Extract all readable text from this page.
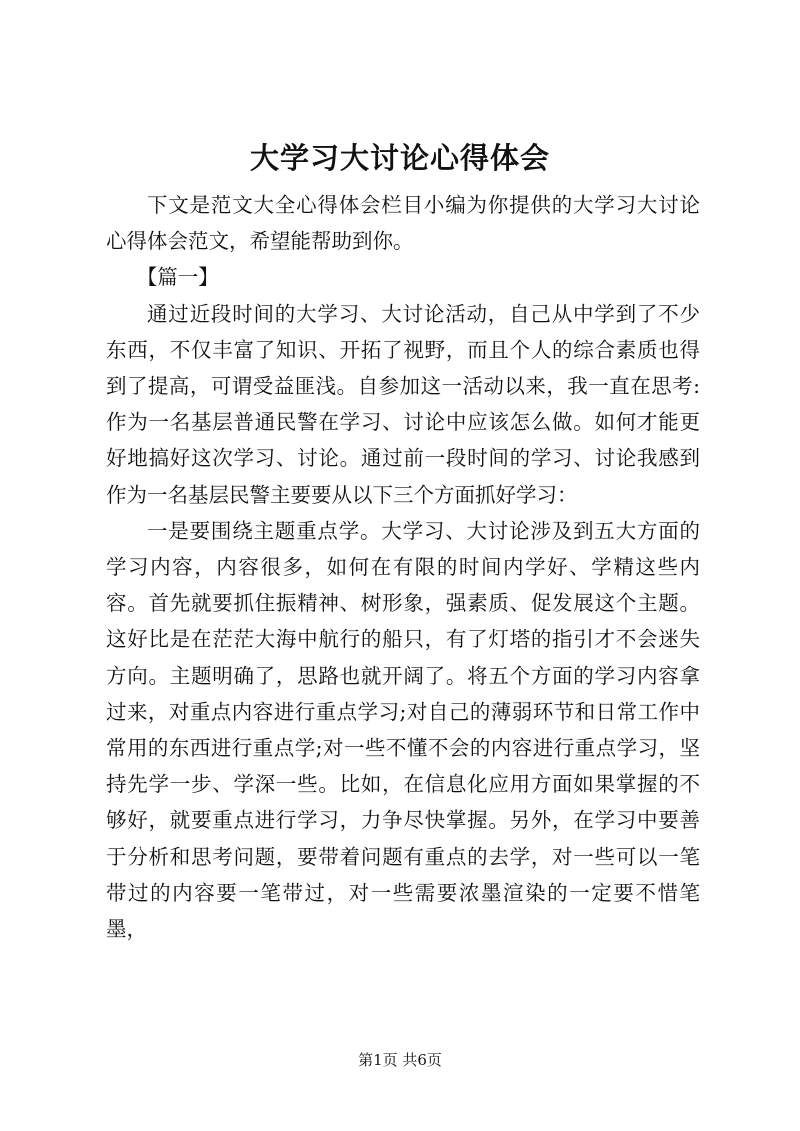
大学习大讨论心得体会

下文是范文大全心得体会栏目小编为你提供的大学习大讨论心得体会范文，希望能帮助到你。

【篇一】

通过近段时间的大学习、大讨论活动，自己从中学到了不少东西，不仅丰富了知识、开拓了视野，而且个人的综合素质也得到了提高，可谓受益匪浅。自参加这一活动以来，我一直在思考:作为一名基层普通民警在学习、讨论中应该怎么做。如何才能更好地搞好这次学习、讨论。通过前一段时间的学习、讨论我感到作为一名基层民警主要要从以下三个方面抓好学习：

一是要围绕主题重点学。大学习、大讨论涉及到五大方面的学习内容，内容很多，如何在有限的时间内学好、学精这些内容。首先就要抓住振精神、树形象，强素质、促发展这个主题。这好比是在茫茫大海中航行的船只，有了灯塔的指引才不会迷失方向。主题明确了，思路也就开阔了。将五个方面的学习内容拿过来，对重点内容进行重点学习;对自己的薄弱环节和日常工作中常用的东西进行重点学;对一些不懂不会的内容进行重点学习，坚持先学一步、学深一些。比如，在信息化应用方面如果掌握的不够好，就要重点进行学习，力争尽快掌握。另外，在学习中要善于分析和思考问题，要带着问题有重点的去学，对一些可以一笔带过的内容要一笔带过，对一些需要浓墨渲染的一定要不惜笔墨，

第1页 共6页
